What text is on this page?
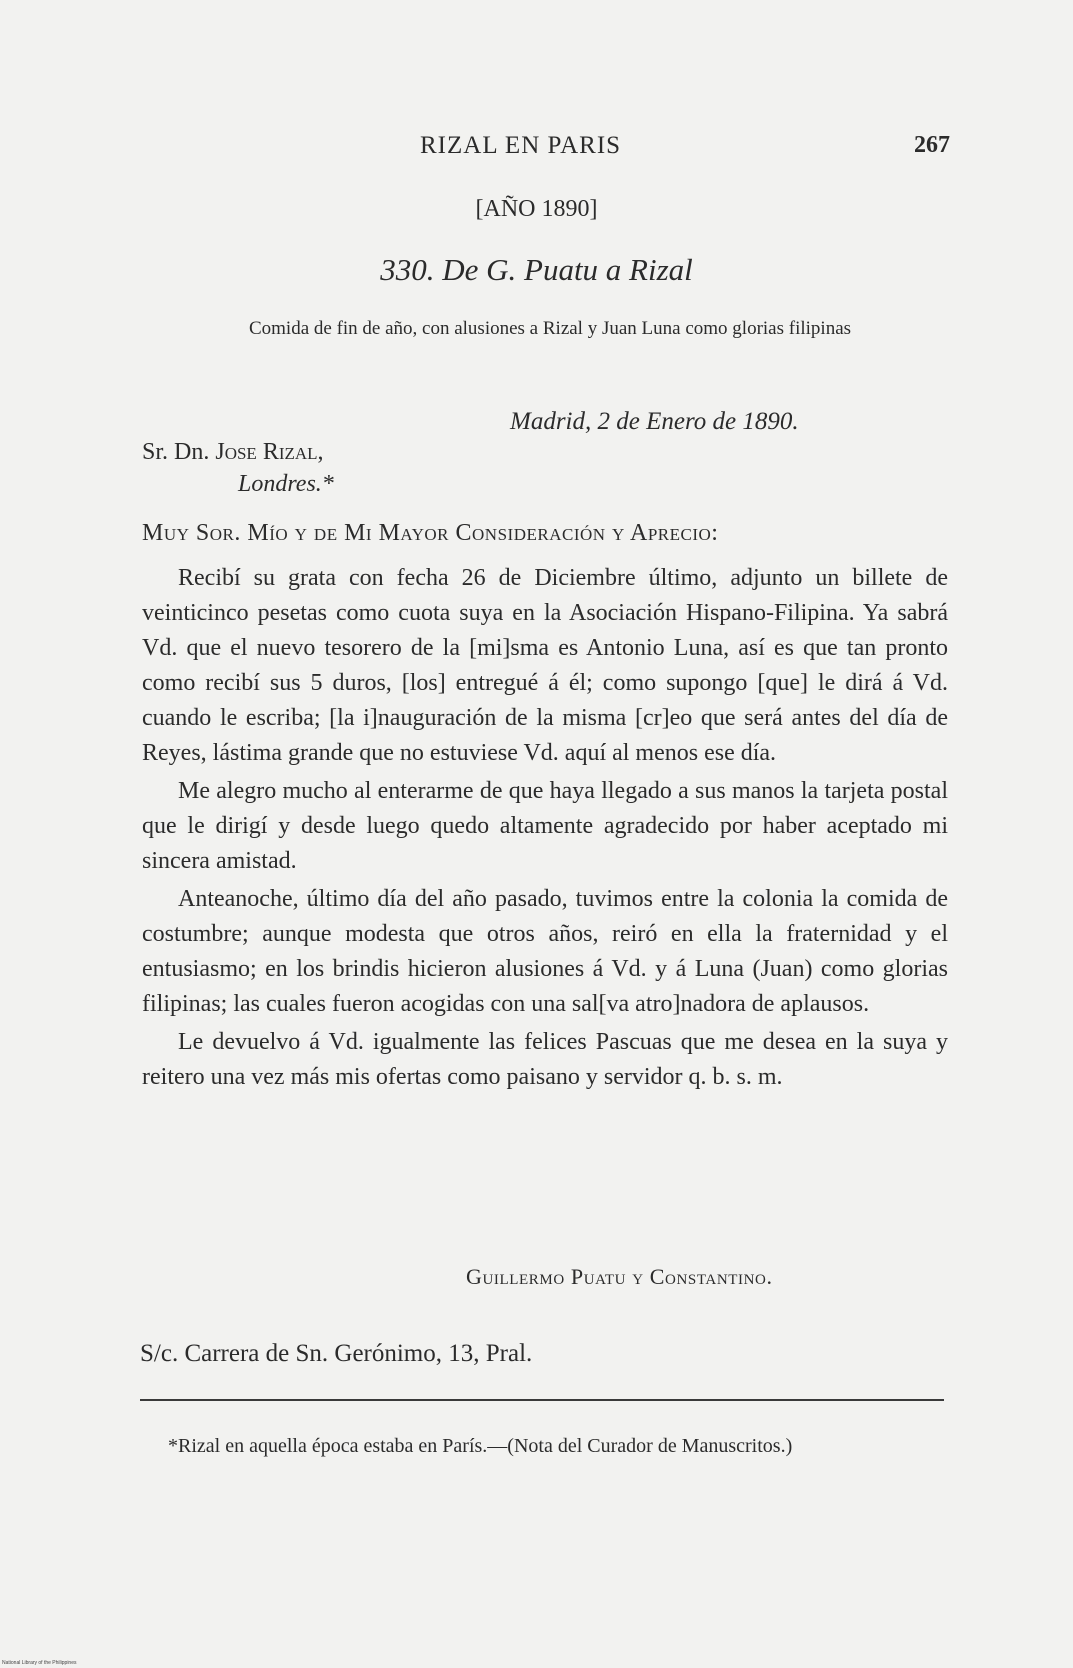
RIZAL EN PARIS	267
[AÑO 1890]
330. De G. Puatu a Rizal
Comida de fin de año, con alusiones a Rizal y Juan Luna como glorias filipinas
Madrid, 2 de Enero de 1890.
Sr. Dn. Jose Rizal,
Londres.*
Muy Sor. Mío y de Mi Mayor Consideración y Aprecio:

Recibí su grata con fecha 26 de Diciembre último, adjunto un billete de veinticinco pesetas como cuota suya en la Asociación Hispano-Filipina. Ya sabrá Vd. que el nuevo tesorero de la [mi]sma es Antonio Luna, así es que tan pronto como recibí sus 5 duros, [los] entregué á él; como supongo [que] le dirá á Vd. cuando le escriba; [la i]nauguración de la misma [cr]eo que será antes del día de Reyes, lástima grande que no estuviese Vd. aquí al menos ese día.

Me alegro mucho al enterarme de que haya llegado a sus manos la tarjeta postal que le dirigí y desde luego quedo altamente agradecido por haber aceptado mi sincera amistad.

Anteanoche, último día del año pasado, tuvimos entre la colonia la comida de costumbre; aunque modesta que otros años, reiró en ella la fraternidad y el entusiasmo; en los brindis hicieron alusiones á Vd. y á Luna (Juan) como glorias filipinas; las cuales fueron acogidas con una sal[va atro]nadora de aplausos.

Le devuelvo á Vd. igualmente las felices Pascuas que me desea en la suya y reitero una vez más mis ofertas como paisano y servidor q. b. s. m.

Guillermo Puatu y Constantino.
S/c. Carrera de Sn. Gerónimo, 13, Pral.
*Rizal en aquella época estaba en París.—(Nota del Curador de Manuscritos.)
National Library of the Philippines
